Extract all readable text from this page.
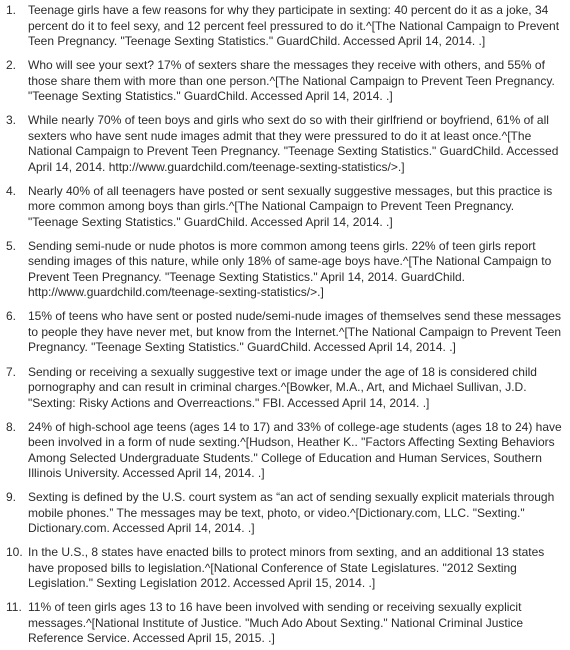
1. Teenage girls have a few reasons for why they participate in sexting: 40 percent do it as a joke, 34 percent do it to feel sexy, and 12 percent feel pressured to do it.^[The National Campaign to Prevent Teen Pregnancy. "Teenage Sexting Statistics." GuardChild. Accessed April 14, 2014. .]
2. Who will see your sext? 17% of sexters share the messages they receive with others, and 55% of those share them with more than one person.^[The National Campaign to Prevent Teen Pregnancy. "Teenage Sexting Statistics." GuardChild. Accessed April 14, 2014. .]
3. While nearly 70% of teen boys and girls who sext do so with their girlfriend or boyfriend, 61% of all sexters who have sent nude images admit that they were pressured to do it at least once.^[The National Campaign to Prevent Teen Pregnancy. "Teenage Sexting Statistics." GuardChild. Accessed April 14, 2014. http://www.guardchild.com/teenage-sexting-statistics/>.]
4. Nearly 40% of all teenagers have posted or sent sexually suggestive messages, but this practice is more common among boys than girls.^[The National Campaign to Prevent Teen Pregnancy. "Teenage Sexting Statistics." GuardChild. Accessed April 14, 2014. .]
5. Sending semi-nude or nude photos is more common among teens girls. 22% of teen girls report sending images of this nature, while only 18% of same-age boys have.^[The National Campaign to Prevent Teen Pregnancy. "Teenage Sexting Statistics." April 14, 2014. GuardChild. http://www.guardchild.com/teenage-sexting-statistics/>.]
6. 15% of teens who have sent or posted nude/semi-nude images of themselves send these messages to people they have never met, but know from the Internet.^[The National Campaign to Prevent Teen Pregnancy. "Teenage Sexting Statistics." GuardChild. Accessed April 14, 2014. .]
7. Sending or receiving a sexually suggestive text or image under the age of 18 is considered child pornography and can result in criminal charges.^[Bowker, M.A., Art, and Michael Sullivan, J.D. "Sexting: Risky Actions and Overreactions." FBI. Accessed April 14, 2014. .]
8. 24% of high-school age teens (ages 14 to 17) and 33% of college-age students (ages 18 to 24) have been involved in a form of nude sexting.^[Hudson, Heather K.. "Factors Affecting Sexting Behaviors Among Selected Undergraduate Students." College of Education and Human Services, Southern Illinois University. Accessed April 14, 2014. .]
9. Sexting is defined by the U.S. court system as “an act of sending sexually explicit materials through mobile phones.” The messages may be text, photo, or video.^[Dictionary.com, LLC. "Sexting." Dictionary.com. Accessed April 14, 2014. .]
10. In the U.S., 8 states have enacted bills to protect minors from sexting, and an additional 13 states have proposed bills to legislation.^[National Conference of State Legislatures. "2012 Sexting Legislation." Sexting Legislation 2012. Accessed April 15, 2014. .]
11. 11% of teen girls ages 13 to 16 have been involved with sending or receiving sexually explicit messages.^[National Institute of Justice. "Much Ado About Sexting." National Criminal Justice Reference Service. Accessed April 15, 2015. .]
